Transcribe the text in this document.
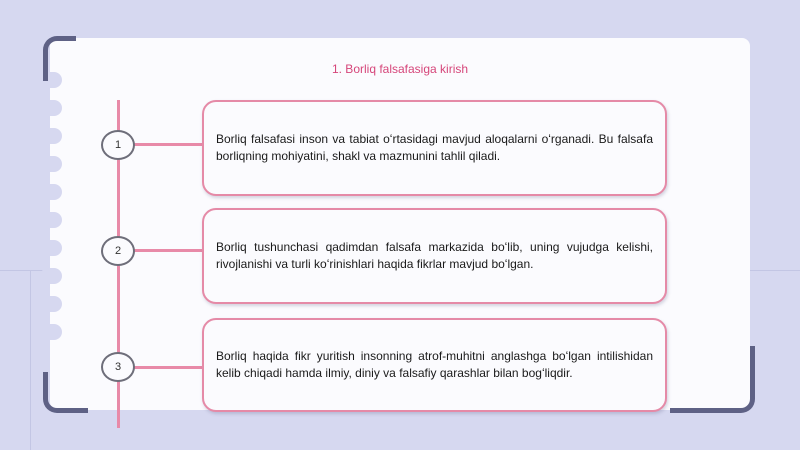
1. Borliq falsafasiga kirish
1	Borliq falsafasi inson va tabiat oʻrtasidagi mavjud aloqalarni oʻrganadi. Bu falsafa borliqning mohiyatini, shakl va mazmunini tahlil qiladi.

2	Borliq tushunchasi qadimdan falsafa markazida boʻlib, uning vujudga kelishi, rivojlanishi va turli koʻrinishlari haqida fikrlar mavjud boʻlgan.

3

Borliq haqida fikr yuritish insonning atrof-muhitni anglashga boʻlgan intilishidan kelib chiqadi hamda ilmiy, diniy va falsafiy qarashlar bilan bogʻliqdir.
